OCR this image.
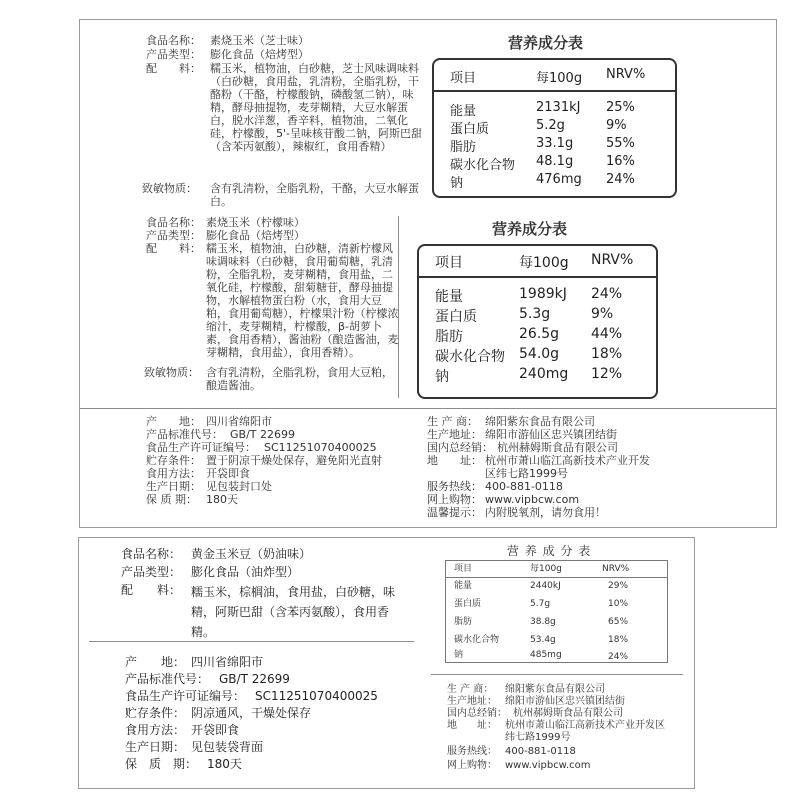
食品名称： 素烧玉米（芝士味）
产品类型： 膨化食品（焙烤型）
配　　料： 糯玉米，植物油，白砂糖，芝士风味调味料（白砂糖，食用盐，乳清粉，全脂乳粉，干酪粉（干酪，柠檬酸钠，磷酸氢二钠），味精，酵母抽提物，麦芽糊精，大豆水解蛋白，脱水洋葱，香辛料，植物油，二氧化硅，柠檬酸，5'-呈味核苷酸二钠，阿斯巴甜（含苯丙氨酸），辣椒红，食用香精）
致敏物质： 含有乳清粉，全脂乳粉，干酪，大豆水解蛋白。
营养成分表
项目	每100g NRV%
能量	2131kJ 25%
蛋白质	5.2g	9%
脂肪	33.1g	55%
碳水化合物 48.1g	16%
钠	476mg 24%
食品名称： 素烧玉米（柠檬味）
产品类型： 膨化食品（焙烤型）
配　　料： 糯玉米，植物油，白砂糖，清新柠檬风味调味料（白砂糖，食用葡萄糖，乳清粉，全脂乳粉，麦芽糊精，食用盐，二氧化硅，柠檬酸，甜菊糖苷，酵母抽提物，水解植物蛋白粉（水，食用大豆粕，食用葡萄糖），柠檬果汁粉（柠檬浓缩汁，麦芽糊精，柠檬酸，β-胡萝卜素，食用香精），酱油粉（酿造酱油，麦芽糊精，食用盐），食用香精）。
致敏物质： 含有乳清粉，全脂乳粉，食用大豆粕，酿造酱油。
营养成分表
项目	每100g NRV%
能量	1989kJ 24%
蛋白质	5.3g	9%
脂肪	26.5g 44%
碳水化合物 54.0g 18%
钠	240mg 12%
产　　地： 四川省绵阳市
产品标准代号： GB/T 22699
食品生产许可证编号： SC11251070400025
贮存条件： 置于阴凉干燥处保存，避免阳光直射
食用方法： 开袋即食
生产日期： 见包装封口处
保 质 期： 180天
生 产 商： 绵阳紫东食品有限公司
生产地址： 绵阳市游仙区忠兴镇团结街
国内总经销： 杭州赫姆斯食品有限公司
地　　址： 杭州市萧山临江高新技术产业开发区纬七路1999号
服务热线： 400-881-0118
网上购物： www.vipbcw.com
温馨提示： 内附脱氧剂，请勿食用！
食品名称： 黄金玉米豆（奶油味）
产品类型： 膨化食品（油炸型）
配　　料： 糯玉米，棕榈油，食用盐，白砂糖，味精，阿斯巴甜（含苯丙氨酸），食用香精。
营 养 成 分 表
项目	每100g	NRV%
能量	2440kJ	29%
蛋白质	5.7g	10%
脂肪	38.8g	65%
碳水化合物	53.4g	18%
钠	485mg	24%
产　　地： 四川省绵阳市
产品标准代号： GB/T 22699
食品生产许可证编号： SC11251070400025
贮存条件： 阴凉通风，干燥处保存
食用方法： 开袋即食
生产日期： 见包装袋背面
保　质　期： 180天
生 产 商： 绵阳紫东食品有限公司
生产地址： 绵阳市游仙区忠兴镇团结街
国内总经销： 杭州郝姆斯食品有限公司
地　　址： 杭州市萧山临江高新技术产业开发区纬七路1999号
服务热线： 400-881-0118
网上购物： www.vipbcw.com
